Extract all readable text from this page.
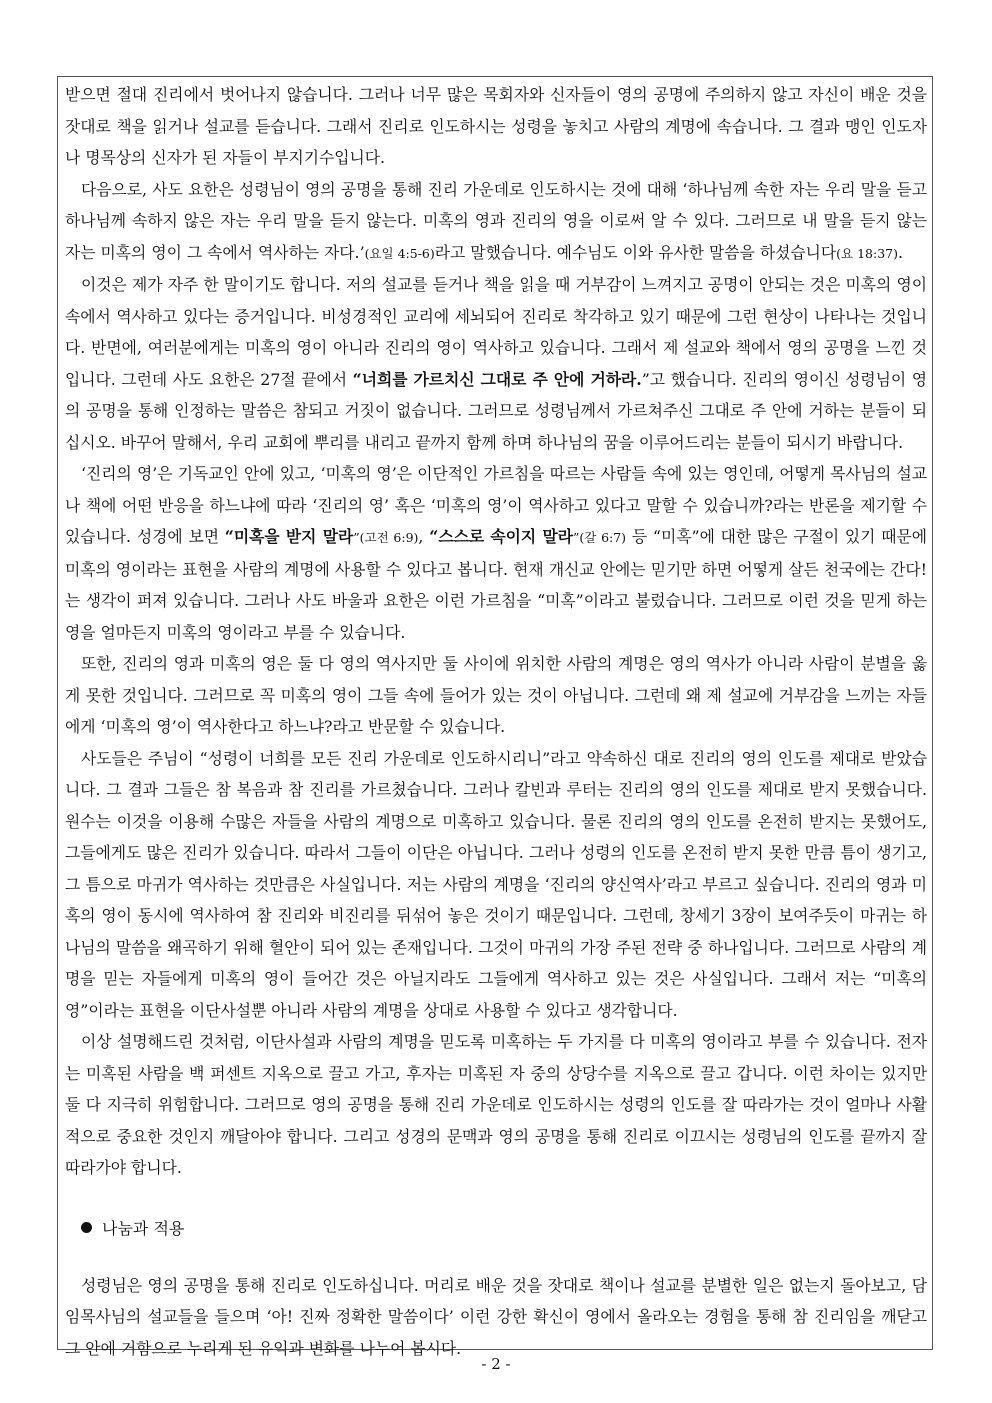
받으면 절대 진리에서 벗어나지 않습니다. 그러나 너무 많은 목회자와 신자들이 영의 공명에 주의하지 않고 자신이 배운 것을 잣대로 책을 읽거나 설교를 듣습니다. 그래서 진리로 인도하시는 성령을 놓치고 사람의 계명에 속습니다. 그 결과 맹인 인도자나 명목상의 신자가 된 자들이 부지기수입니다.

다음으로, 사도 요한은 성령님이 영의 공명을 통해 진리 가운데로 인도하시는 것에 대해 ‘하나님께 속한 자는 우리 말을 듣고 하나님께 속하지 않은 자는 우리 말을 듣지 않는다. 미혹의 영과 진리의 영을 이로써 알 수 있다. 그러므로 내 말을 듣지 않는 자는 미혹의 영이 그 속에서 역사하는 자다.’(요일 4:5-6)라고 말했습니다. 예수님도 이와 유사한 말씀을 하셨습니다(요 18:37).

이것은 제가 자주 한 말이기도 합니다. 저의 설교를 듣거나 책을 읽을 때 거부감이 느껴지고 공명이 안되는 것은 미혹의 영이 속에서 역사하고 있다는 증거입니다. 비성경적인 교리에 세뇌되어 진리로 착각하고 있기 때문에 그런 현상이 나타나는 것입니다. 반면에, 여러분에게는 미혹의 영이 아니라 진리의 영이 역사하고 있습니다. 그래서 제 설교와 책에서 영의 공명을 느낀 것입니다. 그런데 사도 요한은 27절 끝에서 “너희를 가르치신 그대로 주 안에 거하라.”고 했습니다. 진리의 영이신 성령님이 영의 공명을 통해 인정하는 말씀은 참되고 거짓이 없습니다. 그러므로 성령님께서 가르쳐주신 그대로 주 안에 거하는 분들이 되십시오. 바꾸어 말해서, 우리 교회에 뿌리를 내리고 끝까지 함께 하며 하나님의 꿈을 이루어드리는 분들이 되시기 바랍니다.

‘진리의 영’은 기독교인 안에 있고, ‘미혹의 영’은 이단적인 가르침을 따르는 사람들 속에 있는 영인데, 어떻게 목사님의 설교나 책에 어떤 반응을 하느냐에 따라 ‘진리의 영’ 혹은 ‘미혹의 영’이 역사하고 있다고 말할 수 있습니까?라는 반론을 제기할 수 있습니다. 성경에 보면 “미혹을 받지 말라”(고전 6:9), “스스로 속이지 말라”(갈 6:7) 등 “미혹”에 대한 많은 구절이 있기 때문에 미혹의 영이라는 표현을 사람의 계명에 사용할 수 있다고 봅니다. 현재 개신교 안에는 믿기만 하면 어떻게 살든 천국에는 간다!는 생각이 퍼져 있습니다. 그러나 사도 바울과 요한은 이런 가르침을 “미혹”이라고 불렀습니다. 그러므로 이런 것을 믿게 하는 영을 얼마든지 미혹의 영이라고 부를 수 있습니다.

또한, 진리의 영과 미혹의 영은 둘 다 영의 역사지만 둘 사이에 위치한 사람의 계명은 영의 역사가 아니라 사람이 분별을 옳게 못한 것입니다. 그러므로 꼭 미혹의 영이 그들 속에 들어가 있는 것이 아닙니다. 그런데 왜 제 설교에 거부감을 느끼는 자들에게 ‘미혹의 영’이 역사한다고 하느냐?라고 반문할 수 있습니다.

사도들은 주님이 “성령이 너희를 모든 진리 가운데로 인도하시리니”라고 약속하신 대로 진리의 영의 인도를 제대로 받았습니다. 그 결과 그들은 참 복음과 참 진리를 가르쳤습니다. 그러나 칼빈과 루터는 진리의 영의 인도를 제대로 받지 못했습니다. 원수는 이것을 이용해 수많은 자들을 사람의 계명으로 미혹하고 있습니다. 물론 진리의 영의 인도를 온전히 받지는 못했어도, 그들에게도 많은 진리가 있습니다. 따라서 그들이 이단은 아닙니다. 그러나 성령의 인도를 온전히 받지 못한 만큼 틈이 생기고, 그 틈으로 마귀가 역사하는 것만큼은 사실입니다. 저는 사람의 계명을 ‘진리의 양신역사’라고 부르고 싶습니다. 진리의 영과 미혹의 영이 동시에 역사하여 참 진리와 비진리를 뒤섞어 놓은 것이기 때문입니다. 그런데, 창세기 3장이 보여주듯이 마귀는 하나님의 말씀을 왜곡하기 위해 혈안이 되어 있는 존재입니다. 그것이 마귀의 가장 주된 전략 중 하나입니다. 그러므로 사람의 계명을 믿는 자들에게 미혹의 영이 들어간 것은 아닐지라도 그들에게 역사하고 있는 것은 사실입니다. 그래서 저는 “미혹의 영”이라는 표현을 이단사설뿐 아니라 사람의 계명을 상대로 사용할 수 있다고 생각합니다.

이상 설명해드린 것처럼, 이단사설과 사람의 계명을 믿도록 미혹하는 두 가지를 다 미혹의 영이라고 부를 수 있습니다. 전자는 미혹된 사람을 백 퍼센트 지옥으로 끌고 가고, 후자는 미혹된 자 중의 상당수를 지옥으로 끌고 갑니다. 이런 차이는 있지만 둘 다 지극히 위험합니다. 그러므로 영의 공명을 통해 진리 가운데로 인도하시는 성령의 인도를 잘 따라가는 것이 얼마나 사활적으로 중요한 것인지 깨달아야 합니다. 그리고 성경의 문맥과 영의 공명을 통해 진리로 이끄시는 성령님의 인도를 끝까지 잘 따라가야 합니다.

나눔과 적용

성령님은 영의 공명을 통해 진리로 인도하십니다. 머리로 배운 것을 잣대로 책이나 설교를 분별한 일은 없는지 돌아보고, 담임목사님의 설교들을 들으며 ‘아! 진짜 정확한 말씀이다’ 이런 강한 확신이 영에서 올라오는 경험을 통해 참 진리임을 깨닫고 그 안에 거함으로 누리게 된 유익과 변화를 나누어 봅시다.

- 2 -
